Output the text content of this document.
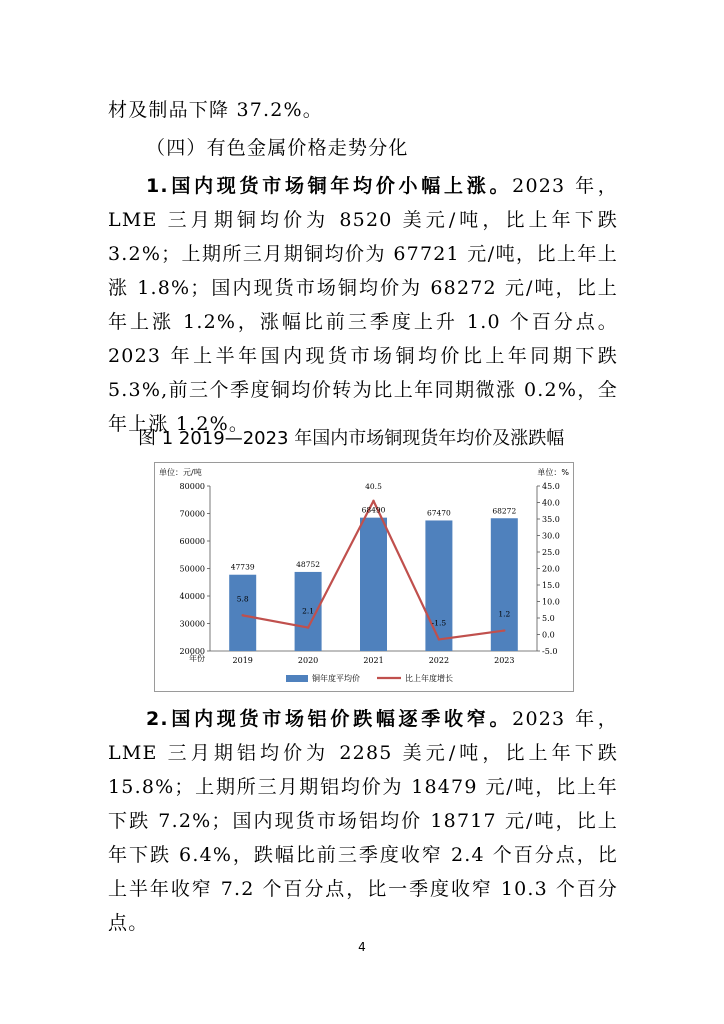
材及制品下降 37.2%。

（四）有色金属价格走势分化

1.国内现货市场铜年均价小幅上涨。2023 年，LME 三月期铜均价为 8520 美元/吨，比上年下跌 3.2%；上期所三月期铜均价为 67721 元/吨，比上年上涨 1.8%；国内现货市场铜均价为 68272 元/吨，比上年上涨 1.2%，涨幅比前三季度上升 1.0 个百分点。2023 年上半年国内现货市场铜均价比上年同期下跌 5.3%,前三个季度铜均价转为比上年同期微涨 0.2%，全年上涨 1.2%。

图 1 2019—2023 年国内市场铜现货年均价及涨跌幅
单位：元/吨	单位：%
20000
30000
40000
50000
60000
70000
80000
-5.0
0.0
5.0
10.0
15.0
20.0
25.0
30.0
35.0
40.0
45.0
2019	2020	2021	2022	2023
年份
47739	48752
68490	67470	68272
5.8
2.1
40.5
-1.5
1.2
铜年度平均价	比上年度增长

2.国内现货市场铝价跌幅逐季收窄。2023 年，LME 三月期铝均价为 2285 美元/吨，比上年下跌 15.8%；上期所三月期铝均价为 18479 元/吨，比上年下跌 7.2%；国内现货市场铝均价 18717 元/吨，比上年下跌 6.4%，跌幅比前三季度收窄 2.4 个百分点，比上半年收窄 7.2 个百分点，比一季度收窄 10.3 个百分点。

4
